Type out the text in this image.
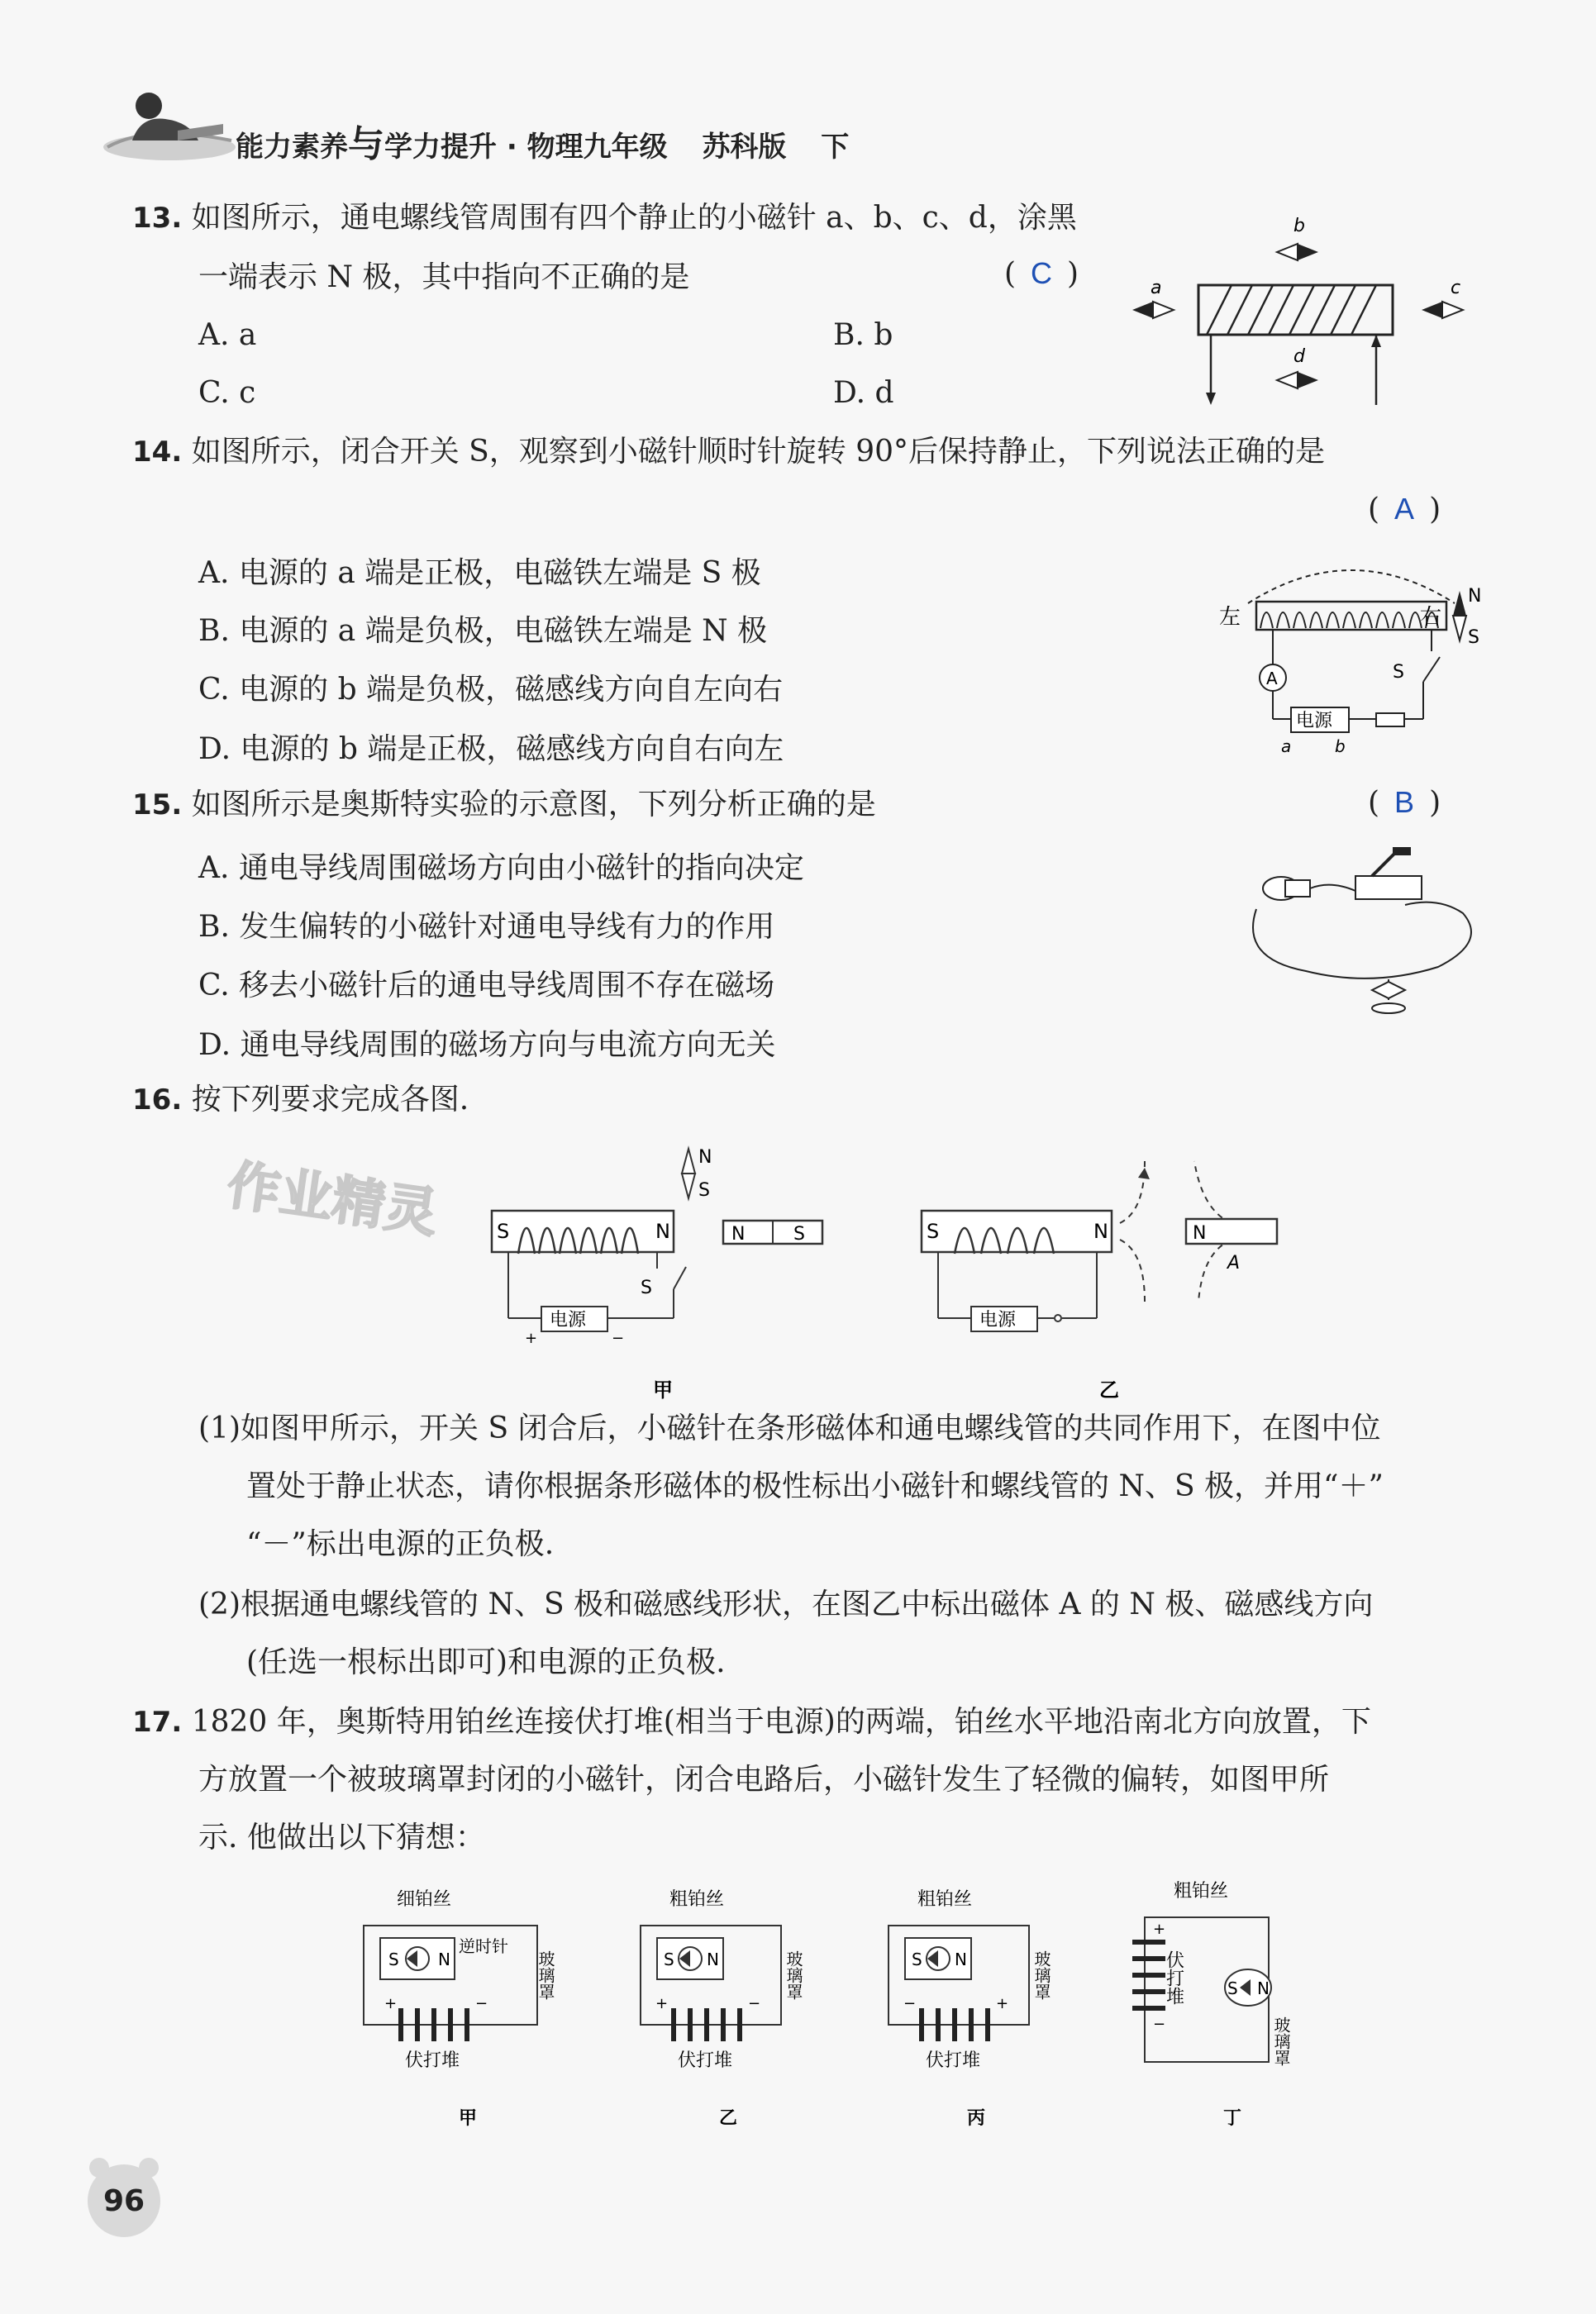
能力素养与学力提升 · 物理九年级 苏科版 下
13. 如图所示，通电螺线管周围有四个静止的小磁针 a、b、c、d，涂黑
一端表示 N 极，其中指向不正确的是	( C )
A. a	B. b
C. c	D. d
a
b
c
d
14. 如图所示，闭合开关 S，观察到小磁针顺时针旋转 90°后保持静止，下列说法正确的是
( A )
A. 电源的 a 端是正极，电磁铁左端是 S 极
B. 电源的 a 端是负极，电磁铁左端是 N 极
C. 电源的 b 端是负极，磁感线方向自左向右
D. 电源的 b 端是正极，磁感线方向自右向左
左	右
N
S
A
电源
S
a	b
15. 如图所示是奥斯特实验的示意图，下列分析正确的是	( B )
A. 通电导线周围磁场方向由小磁针的指向决定
B. 发生偏转的小磁针对通电导线有力的作用
C. 移去小磁针后的通电导线周围不存在磁场
D. 通电导线周围的磁场方向与电流方向无关
16. 按下列要求完成各图.
作业精灵	S	N	N	S
N
S
电源
+	−
S
甲
S	N	N
A
电源
乙
(1)如图甲所示，开关 S 闭合后，小磁针在条形磁体和通电螺线管的共同作用下，在图中位
置处于静止状态，请你根据条形磁体的极性标出小磁针和螺线管的 N、S 极，并用“＋”
“－”标出电源的正负极.
(2)根据通电螺线管的 N、S 极和磁感线形状，在图乙中标出磁体 A 的 N 极、磁感线方向
(任选一根标出即可)和电源的正负极.
17. 1820 年，奥斯特用铂丝连接伏打堆(相当于电源)的两端，铂丝水平地沿南北方向放置，下
方放置一个被玻璃罩封闭的小磁针，闭合电路后，小磁针发生了轻微的偏转，如图甲所
示. 他做出以下猜想：
细铂丝
S N
逆时针
玻璃罩
+	−
伏打堆
甲
粗铂丝
S N	玻璃罩
+	−
伏打堆
乙
粗铂丝
S N	玻璃罩
−	+
伏打堆
丙
粗铂丝
+
−
伏打堆	S N
玻璃罩
丁
96
